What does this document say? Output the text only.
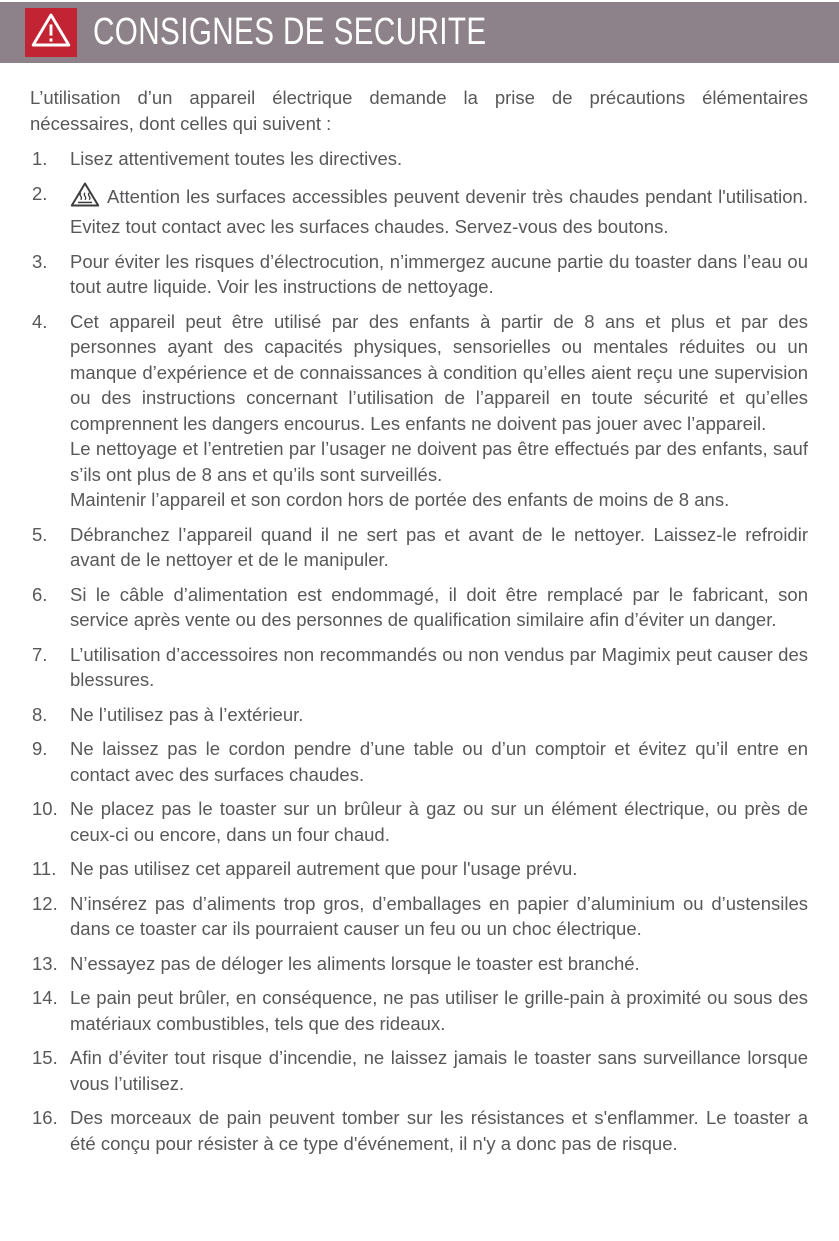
CONSIGNES DE SECURITE

L’utilisation d’un appareil électrique demande la prise de précautions élémentaires nécessaires, dont celles qui suivent :

1. Lisez attentivement toutes les directives.
2.	Attention les surfaces accessibles peuvent devenir très chaudes pendant l'utilisation. Evitez tout contact avec les surfaces chaudes. Servez-vous des boutons.
3. Pour éviter les risques d’électrocution, n’immergez aucune partie du toaster dans l’eau ou tout autre liquide. Voir les instructions de nettoyage.
4. Cet appareil peut être utilisé par des enfants à partir de 8 ans et plus et par des personnes ayant des capacités physiques, sensorielles ou mentales réduites ou un manque d’expérience et de connaissances à condition qu’elles aient reçu une supervision ou des instructions concernant l’utilisation de l’appareil en toute sécurité et qu’elles comprennent les dangers encourus. Les enfants ne doivent pas jouer avec l’appareil.
Le nettoyage et l’entretien par l’usager ne doivent pas être effectués par des enfants, sauf s’ils ont plus de 8 ans et qu’ils sont surveillés.
Maintenir l’appareil et son cordon hors de portée des enfants de moins de 8 ans.
5. Débranchez l’appareil quand il ne sert pas et avant de le nettoyer. Laissez-le refroidir avant de le nettoyer et de le manipuler.
6. Si le câble d’alimentation est endommagé, il doit être remplacé par le fabricant, son service après vente ou des personnes de qualification similaire afin d’éviter un danger.
7. L’utilisation d’accessoires non recommandés ou non vendus par Magimix peut causer des blessures.
8. Ne l’utilisez pas à l’extérieur.
9. Ne laissez pas le cordon pendre d’une table ou d’un comptoir et évitez qu’il entre en contact avec des surfaces chaudes.
10. Ne placez pas le toaster sur un brûleur à gaz ou sur un élément électrique, ou près de ceux-ci ou encore, dans un four chaud.
11. Ne pas utilisez cet appareil autrement que pour l'usage prévu.
12. N’insérez pas d’aliments trop gros, d’emballages en papier d’aluminium ou d’ustensiles dans ce toaster car ils pourraient causer un feu ou un choc électrique.
13. N’essayez pas de déloger les aliments lorsque le toaster est branché.
14. Le pain peut brûler, en conséquence, ne pas utiliser le grille-pain à proximité ou sous des matériaux combustibles, tels que des rideaux.
15. Afin d’éviter tout risque d’incendie, ne laissez jamais le toaster sans surveillance lorsque vous l’utilisez.
16. Des morceaux de pain peuvent tomber sur les résistances et s'enflammer. Le toaster a été conçu pour résister à ce type d'événement, il n'y a donc pas de risque.
